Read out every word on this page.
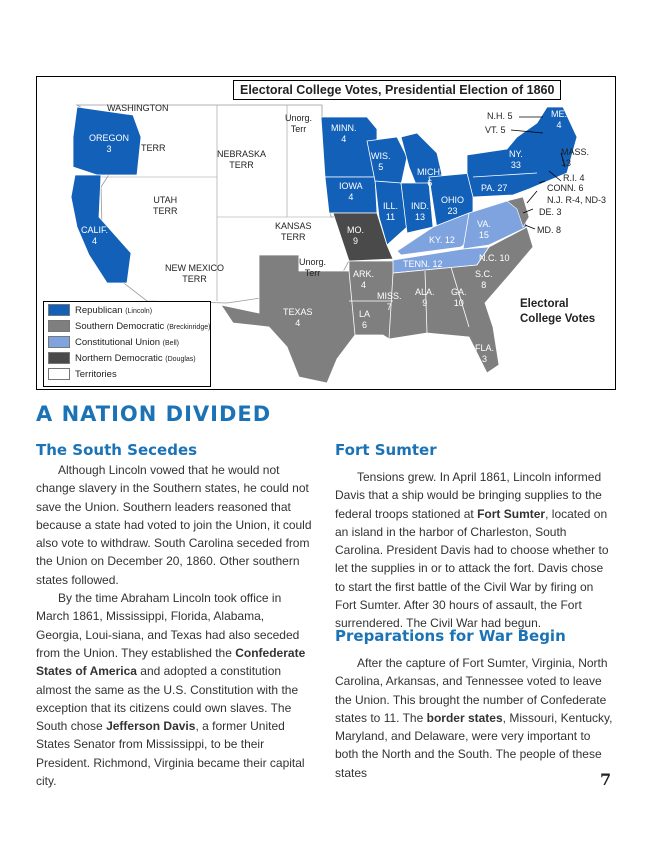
Electoral College Votes, Presidential Election of 1860
WASHINGTON
TERR
OREGON
3
CALIF.
4
NEBRASKA
TERR
UTAH
TERR
NEW MEXICO
TERR
KANSAS
TERR
Unorg.
Terr
Unorg.
Terr
MINN.
4
IOWA
4
WIS.
5	MICH.
6
ILL.
11
IND.
13
OHIO
23
PA. 27
NY.
33
ME.
4
N.H. 5
VT. 5
MASS.
13
R.I. 4
CONN. 6
N.J. R-4, ND-3
DE. 3
MD. 8
MO.
9	KY. 12
TENN. 12
VA.
15
N.C. 10
S.C.
8
ARK.
4
MISS.
7
ALA.
9
GA.
10
LA
6
TEXAS
4
FLA.
3
Republican (Lincoln)
Southern Democratic (Breckinridge)
Constitutional Union (Bell)
Northern Democratic (Douglas)
Territories
Electoral
College Votes
A NATION DIVIDED
The South Secedes

Although Lincoln vowed that he would not change slavery in the Southern states, he could not save the Union. Southern leaders reasoned that because a state had voted to join the Union, it could also vote to withdraw. South Carolina seceded from the Union on December 20, 1860. Other southern states followed.

By the time Abraham Lincoln took office in March 1861, Mississippi, Florida, Alabama, Georgia, Loui-siana, and Texas had also seceded from the Union. They established the Confederate States of America and adopted a constitution almost the same as the U.S. Constitution with the exception that its citizens could own slaves. The South chose Jefferson Davis, a former United States Senator from Mississippi, to be their President. Richmond, Virginia became their capital city.

Fort Sumter

Tensions grew. In April 1861, Lincoln informed Davis that a ship would be bringing supplies to the federal troops stationed at Fort Sumter, located on an island in the harbor of Charleston, South Carolina. President Davis had to choose whether to let the supplies in or to attack the fort. Davis chose to start the first battle of the Civil War by firing on Fort Sumter. After 30 hours of assault, the Fort surrendered. The Civil War had begun.

Preparations for War Begin

After the capture of Fort Sumter, Virginia, North Carolina, Arkansas, and Tennessee voted to leave the Union. This brought the number of Confederate states to 11. The border states, Missouri, Kentucky, Maryland, and Delaware, were very important to both the North and the South. The people of these states	7
